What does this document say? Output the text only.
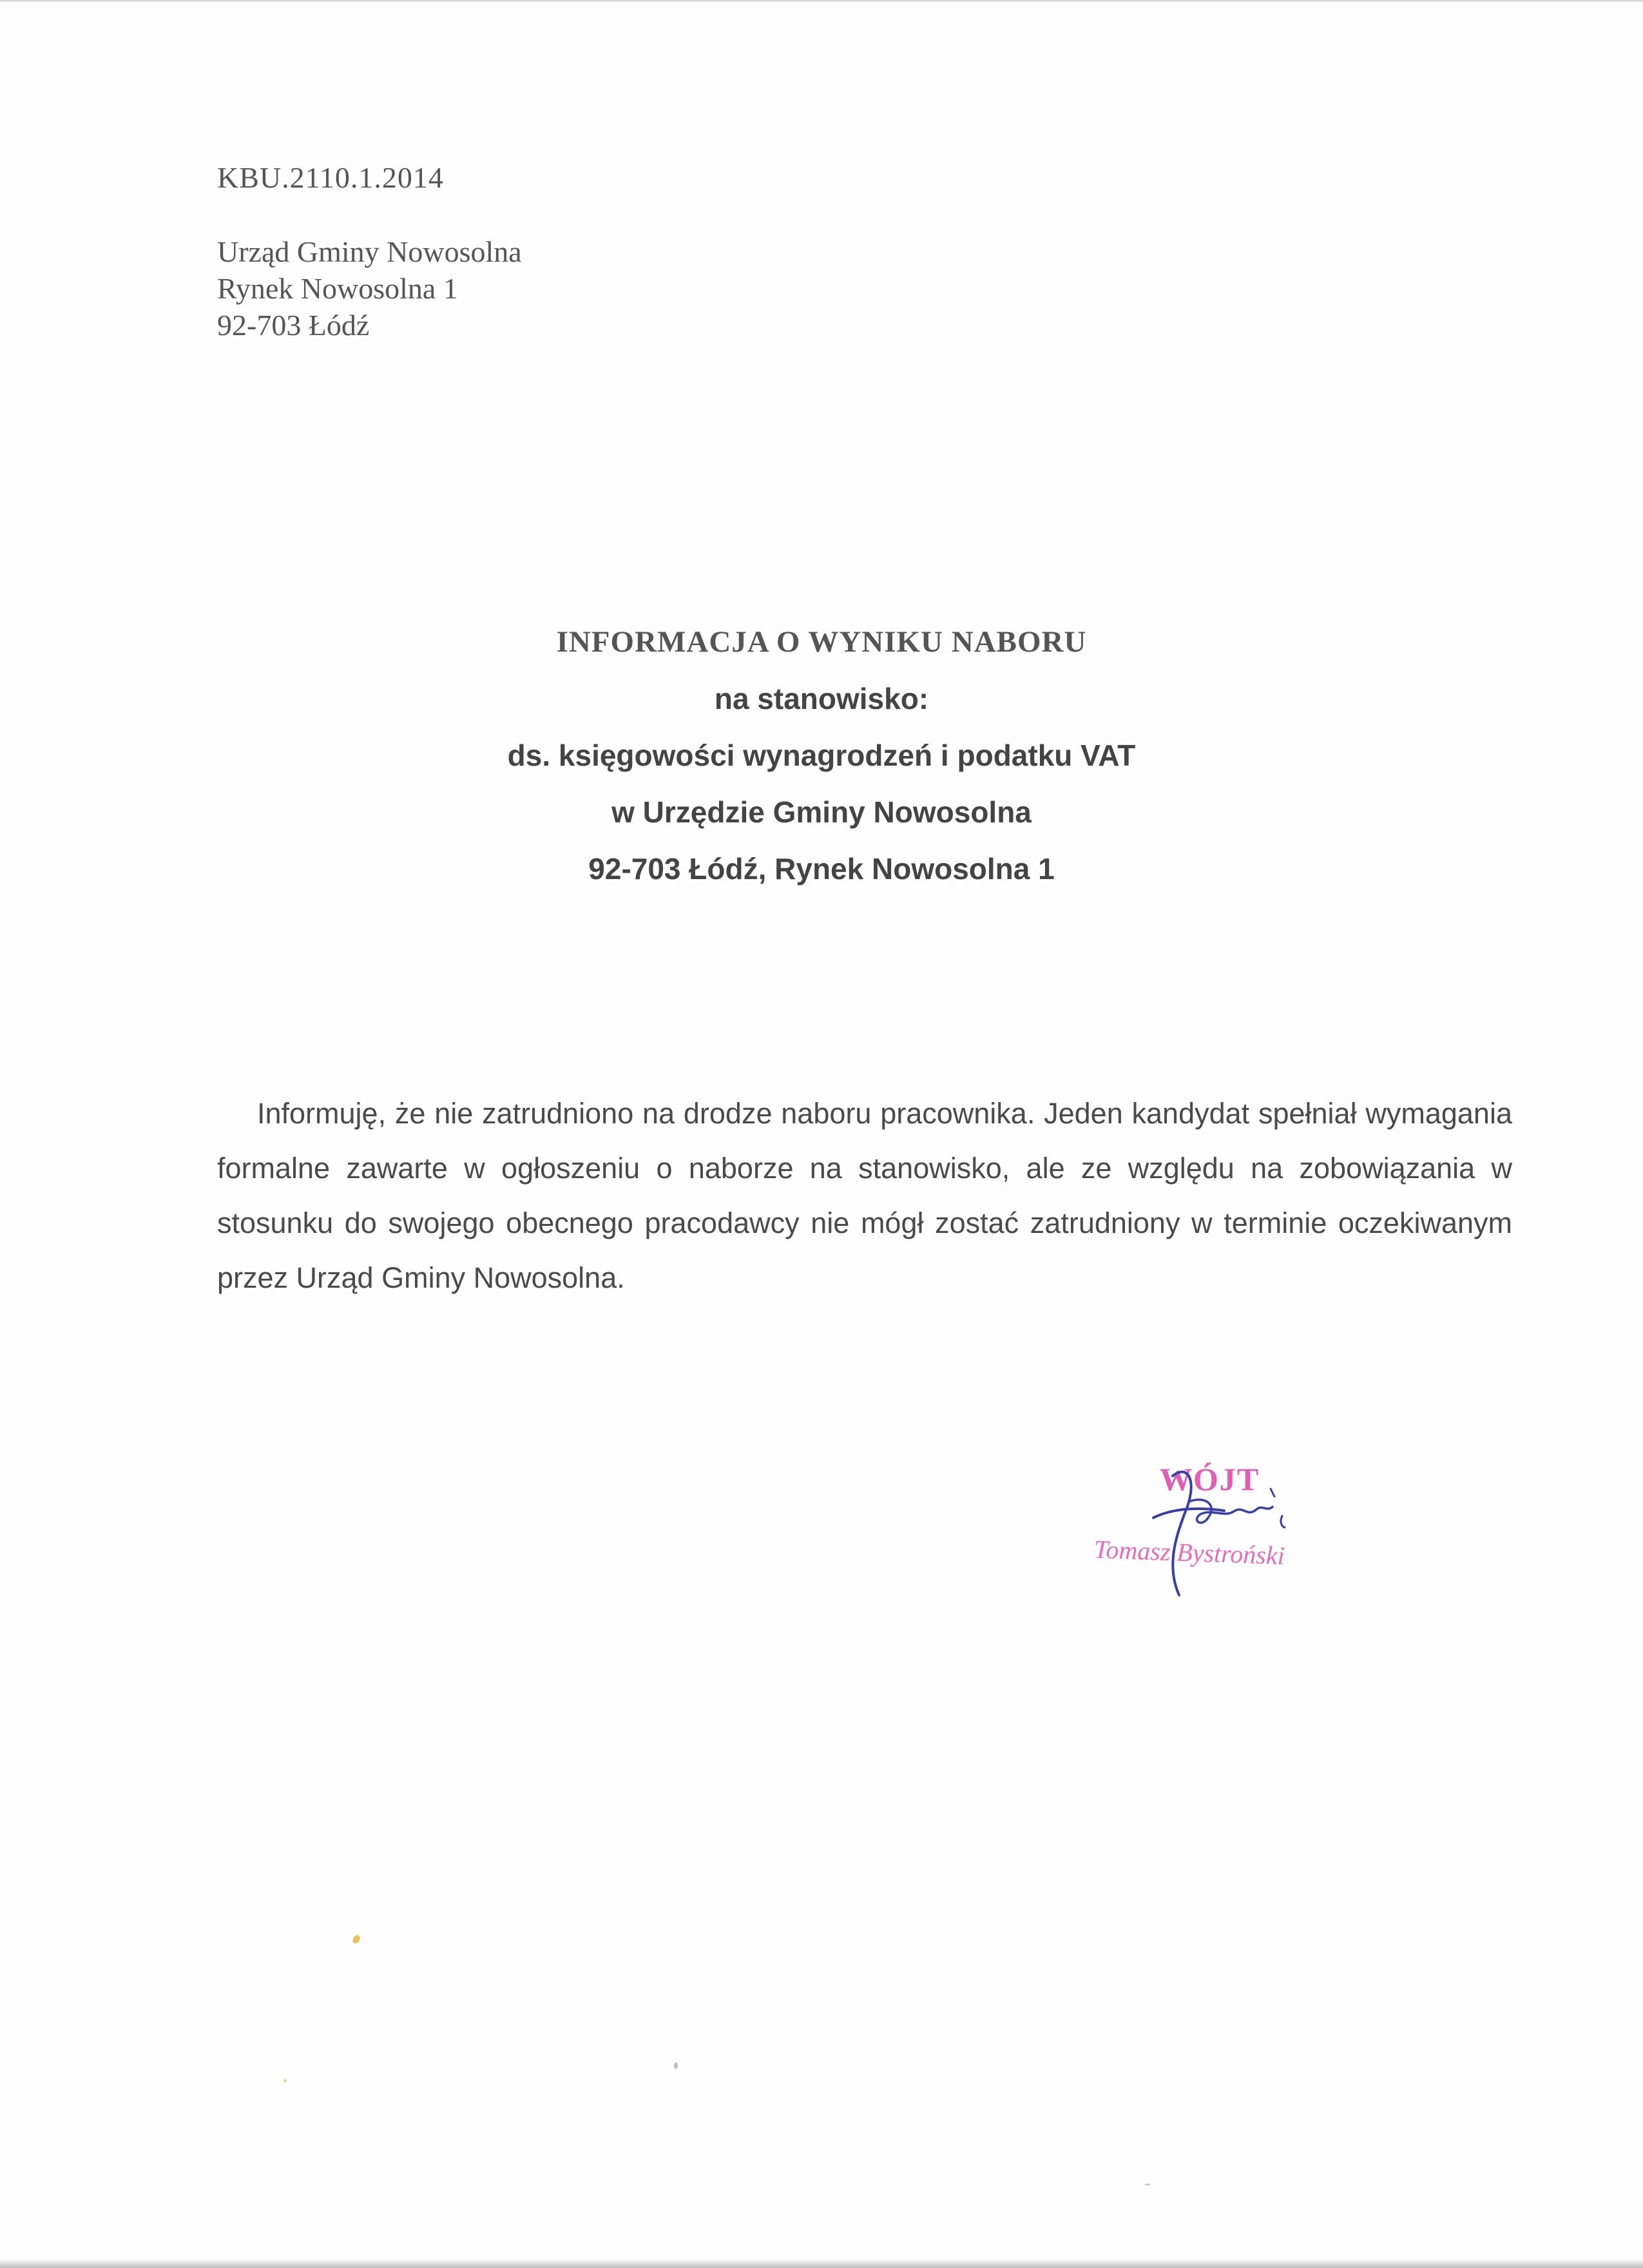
KBU.2110.1.2014
Urząd Gminy Nowosolna
Rynek Nowosolna 1
92-703 Łódź
INFORMACJA O WYNIKU NABORU
na stanowisko:
ds. księgowości wynagrodzeń i podatku VAT
w Urzędzie Gminy Nowosolna
92-703 Łódź, Rynek Nowosolna 1

Informuję, że nie zatrudniono na drodze naboru pracownika. Jeden kandydat spełniał wymagania formalne zawarte w ogłoszeniu o naborze na stanowisko, ale ze względu na zobowiązania w stosunku do swojego obecnego pracodawcy nie mógł zostać zatrudniony w terminie oczekiwanym przez Urząd Gminy Nowosolna.

WÓJT
Tomasz Bystroński
